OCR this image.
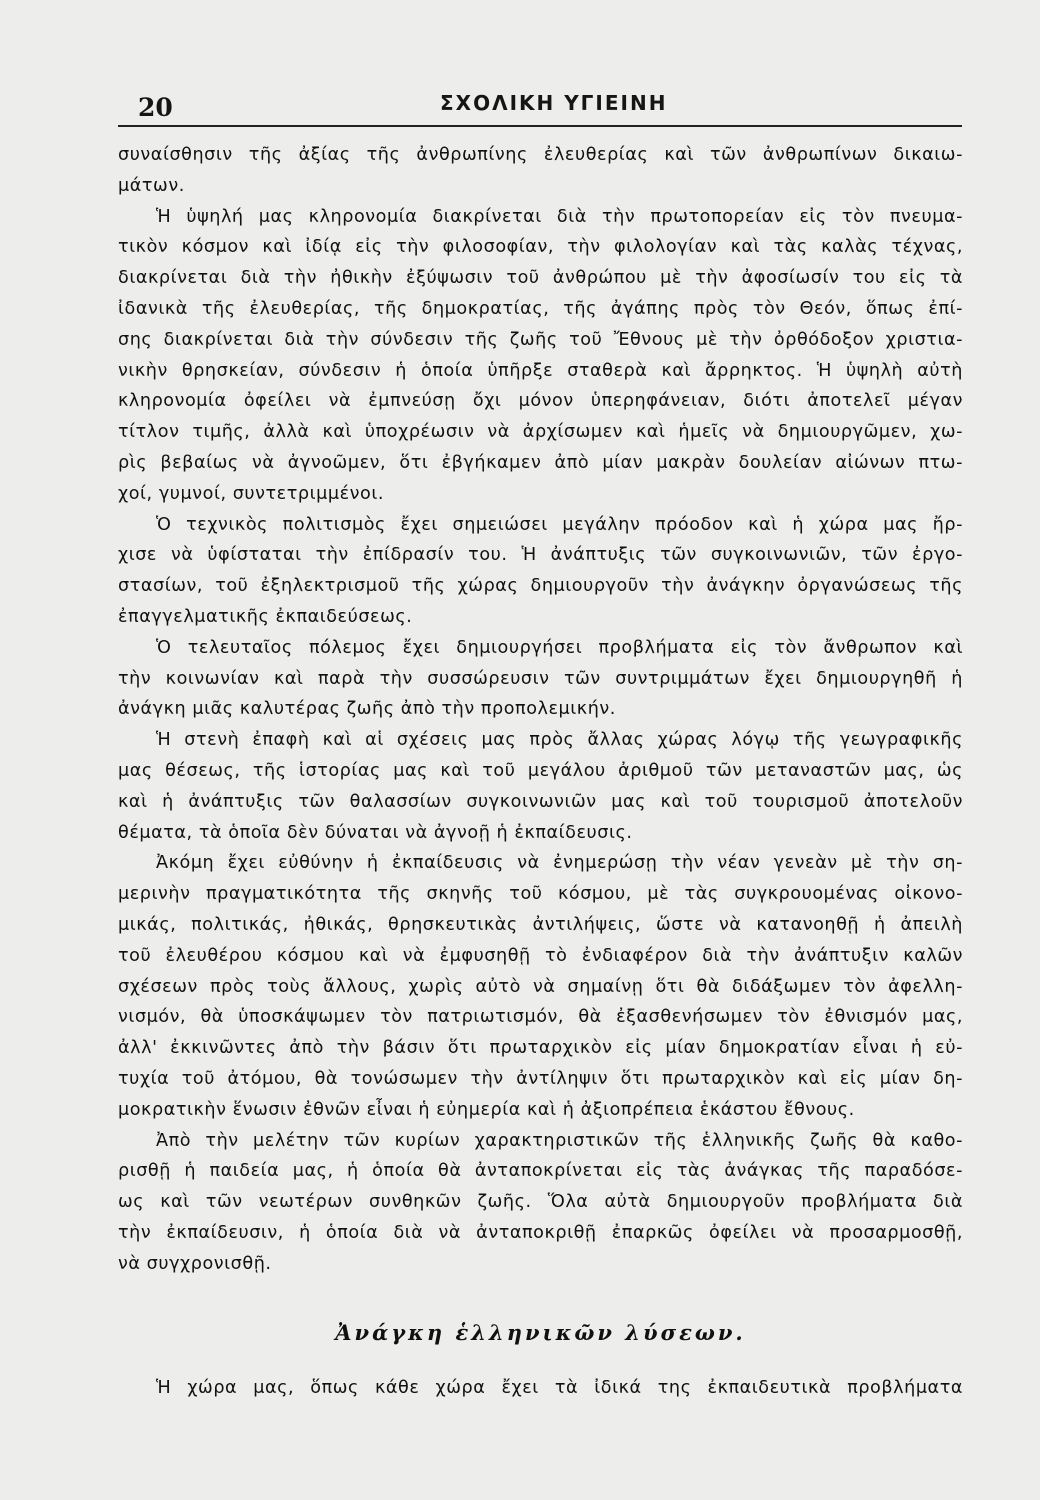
20	ΣΧΟΛΙΚΗ ΥΓΙΕΙΝΗ
συναίσθησιν τῆς ἀξίας τῆς ἀνθρωπίνης ἐλευθερίας καὶ τῶν ἀνθρωπίνων δικαιω-
μάτων.
Ἡ ὑψηλή μας κληρονομία διακρίνεται διὰ τὴν πρωτοπορείαν εἰς τὸν πνευμα-
τικὸν κόσμον καὶ ἰδίᾳ εἰς τὴν φιλοσοφίαν, τὴν φιλολογίαν καὶ τὰς καλὰς τέχνας,
διακρίνεται διὰ τὴν ἠθικὴν ἐξύψωσιν τοῦ ἀνθρώπου μὲ τὴν ἀφοσίωσίν του εἰς τὰ
ἰδανικὰ τῆς ἐλευθερίας, τῆς δημοκρατίας, τῆς ἀγάπης πρὸς τὸν Θεόν, ὅπως ἐπί-
σης διακρίνεται διὰ τὴν σύνδεσιν τῆς ζωῆς τοῦ Ἔθνους μὲ τὴν ὀρθόδοξον χριστια-
νικὴν θρησκείαν, σύνδεσιν ἡ ὁποία ὑπῆρξε σταθερὰ καὶ ἄρρηκτος. Ἡ ὑψηλὴ αὐτὴ
κληρονομία ὀφείλει νὰ ἐμπνεύσῃ ὄχι μόνον ὑπερηφάνειαν, διότι ἀποτελεῖ μέγαν
τίτλον τιμῆς, ἀλλὰ καὶ ὑποχρέωσιν νὰ ἀρχίσωμεν καὶ ἡμεῖς νὰ δημιουργῶμεν, χω-
ρὶς βεβαίως νὰ ἀγνοῶμεν, ὅτι ἐβγήκαμεν ἀπὸ μίαν μακρὰν δουλείαν αἰώνων πτω-
χοί, γυμνοί, συντετριμμένοι.
Ὁ τεχνικὸς πολιτισμὸς ἔχει σημειώσει μεγάλην πρόοδον καὶ ἡ χώρα μας ἤρ-
χισε νὰ ὑφίσταται τὴν ἐπίδρασίν του. Ἡ ἀνάπτυξις τῶν συγκοινωνιῶν, τῶν ἐργο-
στασίων, τοῦ ἐξηλεκτρισμοῦ τῆς χώρας δημιουργοῦν τὴν ἀνάγκην ὀργανώσεως τῆς
ἐπαγγελματικῆς ἐκπαιδεύσεως.
Ὁ τελευταῖος πόλεμος ἔχει δημιουργήσει προβλήματα εἰς τὸν ἄνθρωπον καὶ
τὴν κοινωνίαν καὶ παρὰ τὴν συσσώρευσιν τῶν συντριμμάτων ἔχει δημιουργηθῆ ἡ
ἀνάγκη μιᾶς καλυτέρας ζωῆς ἀπὸ τὴν προπολεμικήν.
Ἡ στενὴ ἐπαφὴ καὶ αἱ σχέσεις μας πρὸς ἄλλας χώρας λόγῳ τῆς γεωγραφικῆς
μας θέσεως, τῆς ἱστορίας μας καὶ τοῦ μεγάλου ἀριθμοῦ τῶν μεταναστῶν μας, ὡς
καὶ ἡ ἀνάπτυξις τῶν θαλασσίων συγκοινωνιῶν μας καὶ τοῦ τουρισμοῦ ἀποτελοῦν
θέματα, τὰ ὁποῖα δὲν δύναται νὰ ἀγνοῇ ἡ ἐκπαίδευσις.
Ἀκόμη ἔχει εὐθύνην ἡ ἐκπαίδευσις νὰ ἐνημερώσῃ τὴν νέαν γενεὰν μὲ τὴν ση-
μερινὴν πραγματικότητα τῆς σκηνῆς τοῦ κόσμου, μὲ τὰς συγκρουομένας οἰκονο-
μικάς, πολιτικάς, ἠθικάς, θρησκευτικὰς ἀντιλήψεις, ὥστε νὰ κατανοηθῇ ἡ ἀπειλὴ
τοῦ ἐλευθέρου κόσμου καὶ νὰ ἐμφυσηθῇ τὸ ἐνδιαφέρον διὰ τὴν ἀνάπτυξιν καλῶν
σχέσεων πρὸς τοὺς ἄλλους, χωρὶς αὐτὸ νὰ σημαίνῃ ὅτι θὰ διδάξωμεν τὸν ἀφελλη-
νισμόν, θὰ ὑποσκάψωμεν τὸν πατριωτισμόν, θὰ ἐξασθενήσωμεν τὸν ἐθνισμόν μας,
ἀλλ' ἐκκινῶντες ἀπὸ τὴν βάσιν ὅτι πρωταρχικὸν εἰς μίαν δημοκρατίαν εἶναι ἡ εὐ-
τυχία τοῦ ἀτόμου, θὰ τονώσωμεν τὴν ἀντίληψιν ὅτι πρωταρχικὸν καὶ εἰς μίαν δη-
μοκρατικὴν ἕνωσιν ἐθνῶν εἶναι ἡ εὐημερία καὶ ἡ ἀξιοπρέπεια ἑκάστου ἔθνους.
Ἀπὸ τὴν μελέτην τῶν κυρίων χαρακτηριστικῶν τῆς ἑλληνικῆς ζωῆς θὰ καθο-
ρισθῇ ἡ παιδεία μας, ἡ ὁποία θὰ ἀνταποκρίνεται εἰς τὰς ἀνάγκας τῆς παραδόσε-
ως καὶ τῶν νεωτέρων συνθηκῶν ζωῆς. Ὅλα αὐτὰ δημιουργοῦν προβλήματα διὰ
τὴν ἐκπαίδευσιν, ἡ ὁποία διὰ νὰ ἀνταποκριθῇ ἐπαρκῶς ὀφείλει νὰ προσαρμοσθῇ,
νὰ συγχρονισθῇ.
Ἀνάγκη ἑλληνικῶν λύσεων.
Ἡ χώρα μας, ὅπως κάθε χώρα ἔχει τὰ ἰδικά της ἐκπαιδευτικὰ προβλήματα
